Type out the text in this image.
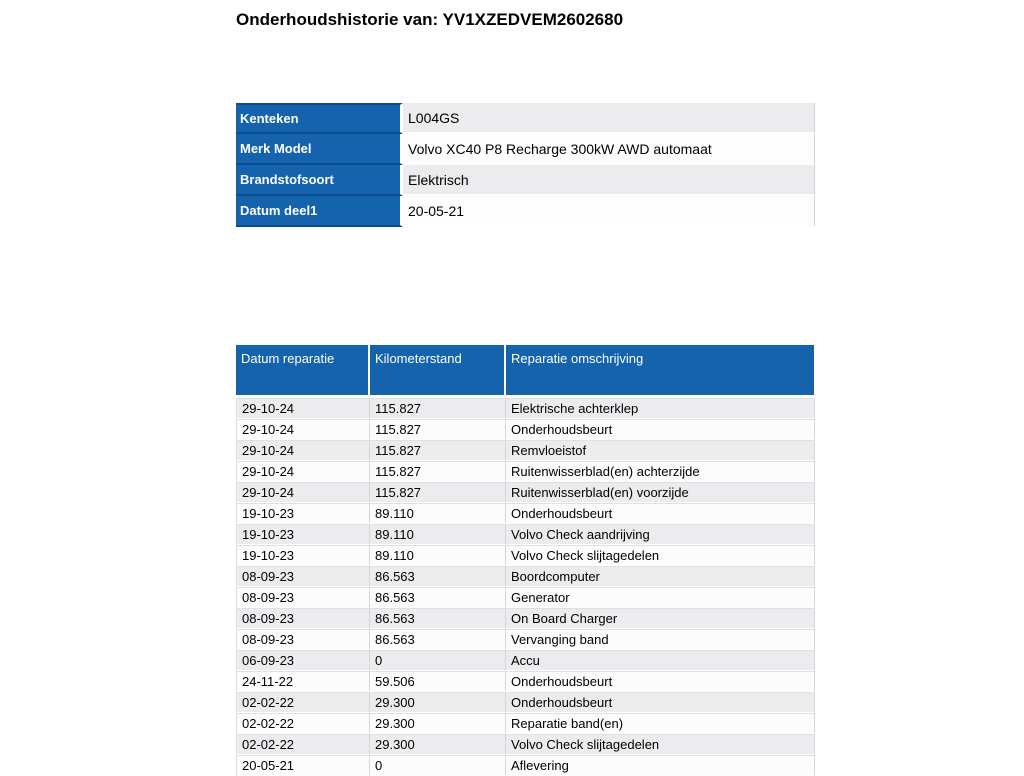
Onderhoudshistorie van: YV1XZEDVEM2602680
Kenteken	L004GS
Merk Model	Volvo XC40 P8 Recharge 300kW AWD automaat
Brandstofsoort	Elektrisch
Datum deel1	20-05-21
Datum reparatie	Kilometerstand	Reparatie omschrijving
29-10-24	115.827	Elektrische achterklep
29-10-24	115.827	Onderhoudsbeurt
29-10-24	115.827	Remvloeistof
29-10-24	115.827	Ruitenwisserblad(en) achterzijde
29-10-24	115.827	Ruitenwisserblad(en) voorzijde
19-10-23	89.110	Onderhoudsbeurt
19-10-23	89.110	Volvo Check aandrijving
19-10-23	89.110	Volvo Check slijtagedelen
08-09-23	86.563	Boordcomputer
08-09-23	86.563	Generator
08-09-23	86.563	On Board Charger
08-09-23	86.563	Vervanging band
06-09-23	0	Accu
24-11-22	59.506	Onderhoudsbeurt
02-02-22	29.300	Onderhoudsbeurt
02-02-22	29.300	Reparatie band(en)
02-02-22	29.300	Volvo Check slijtagedelen
20-05-21	0	Aflevering
